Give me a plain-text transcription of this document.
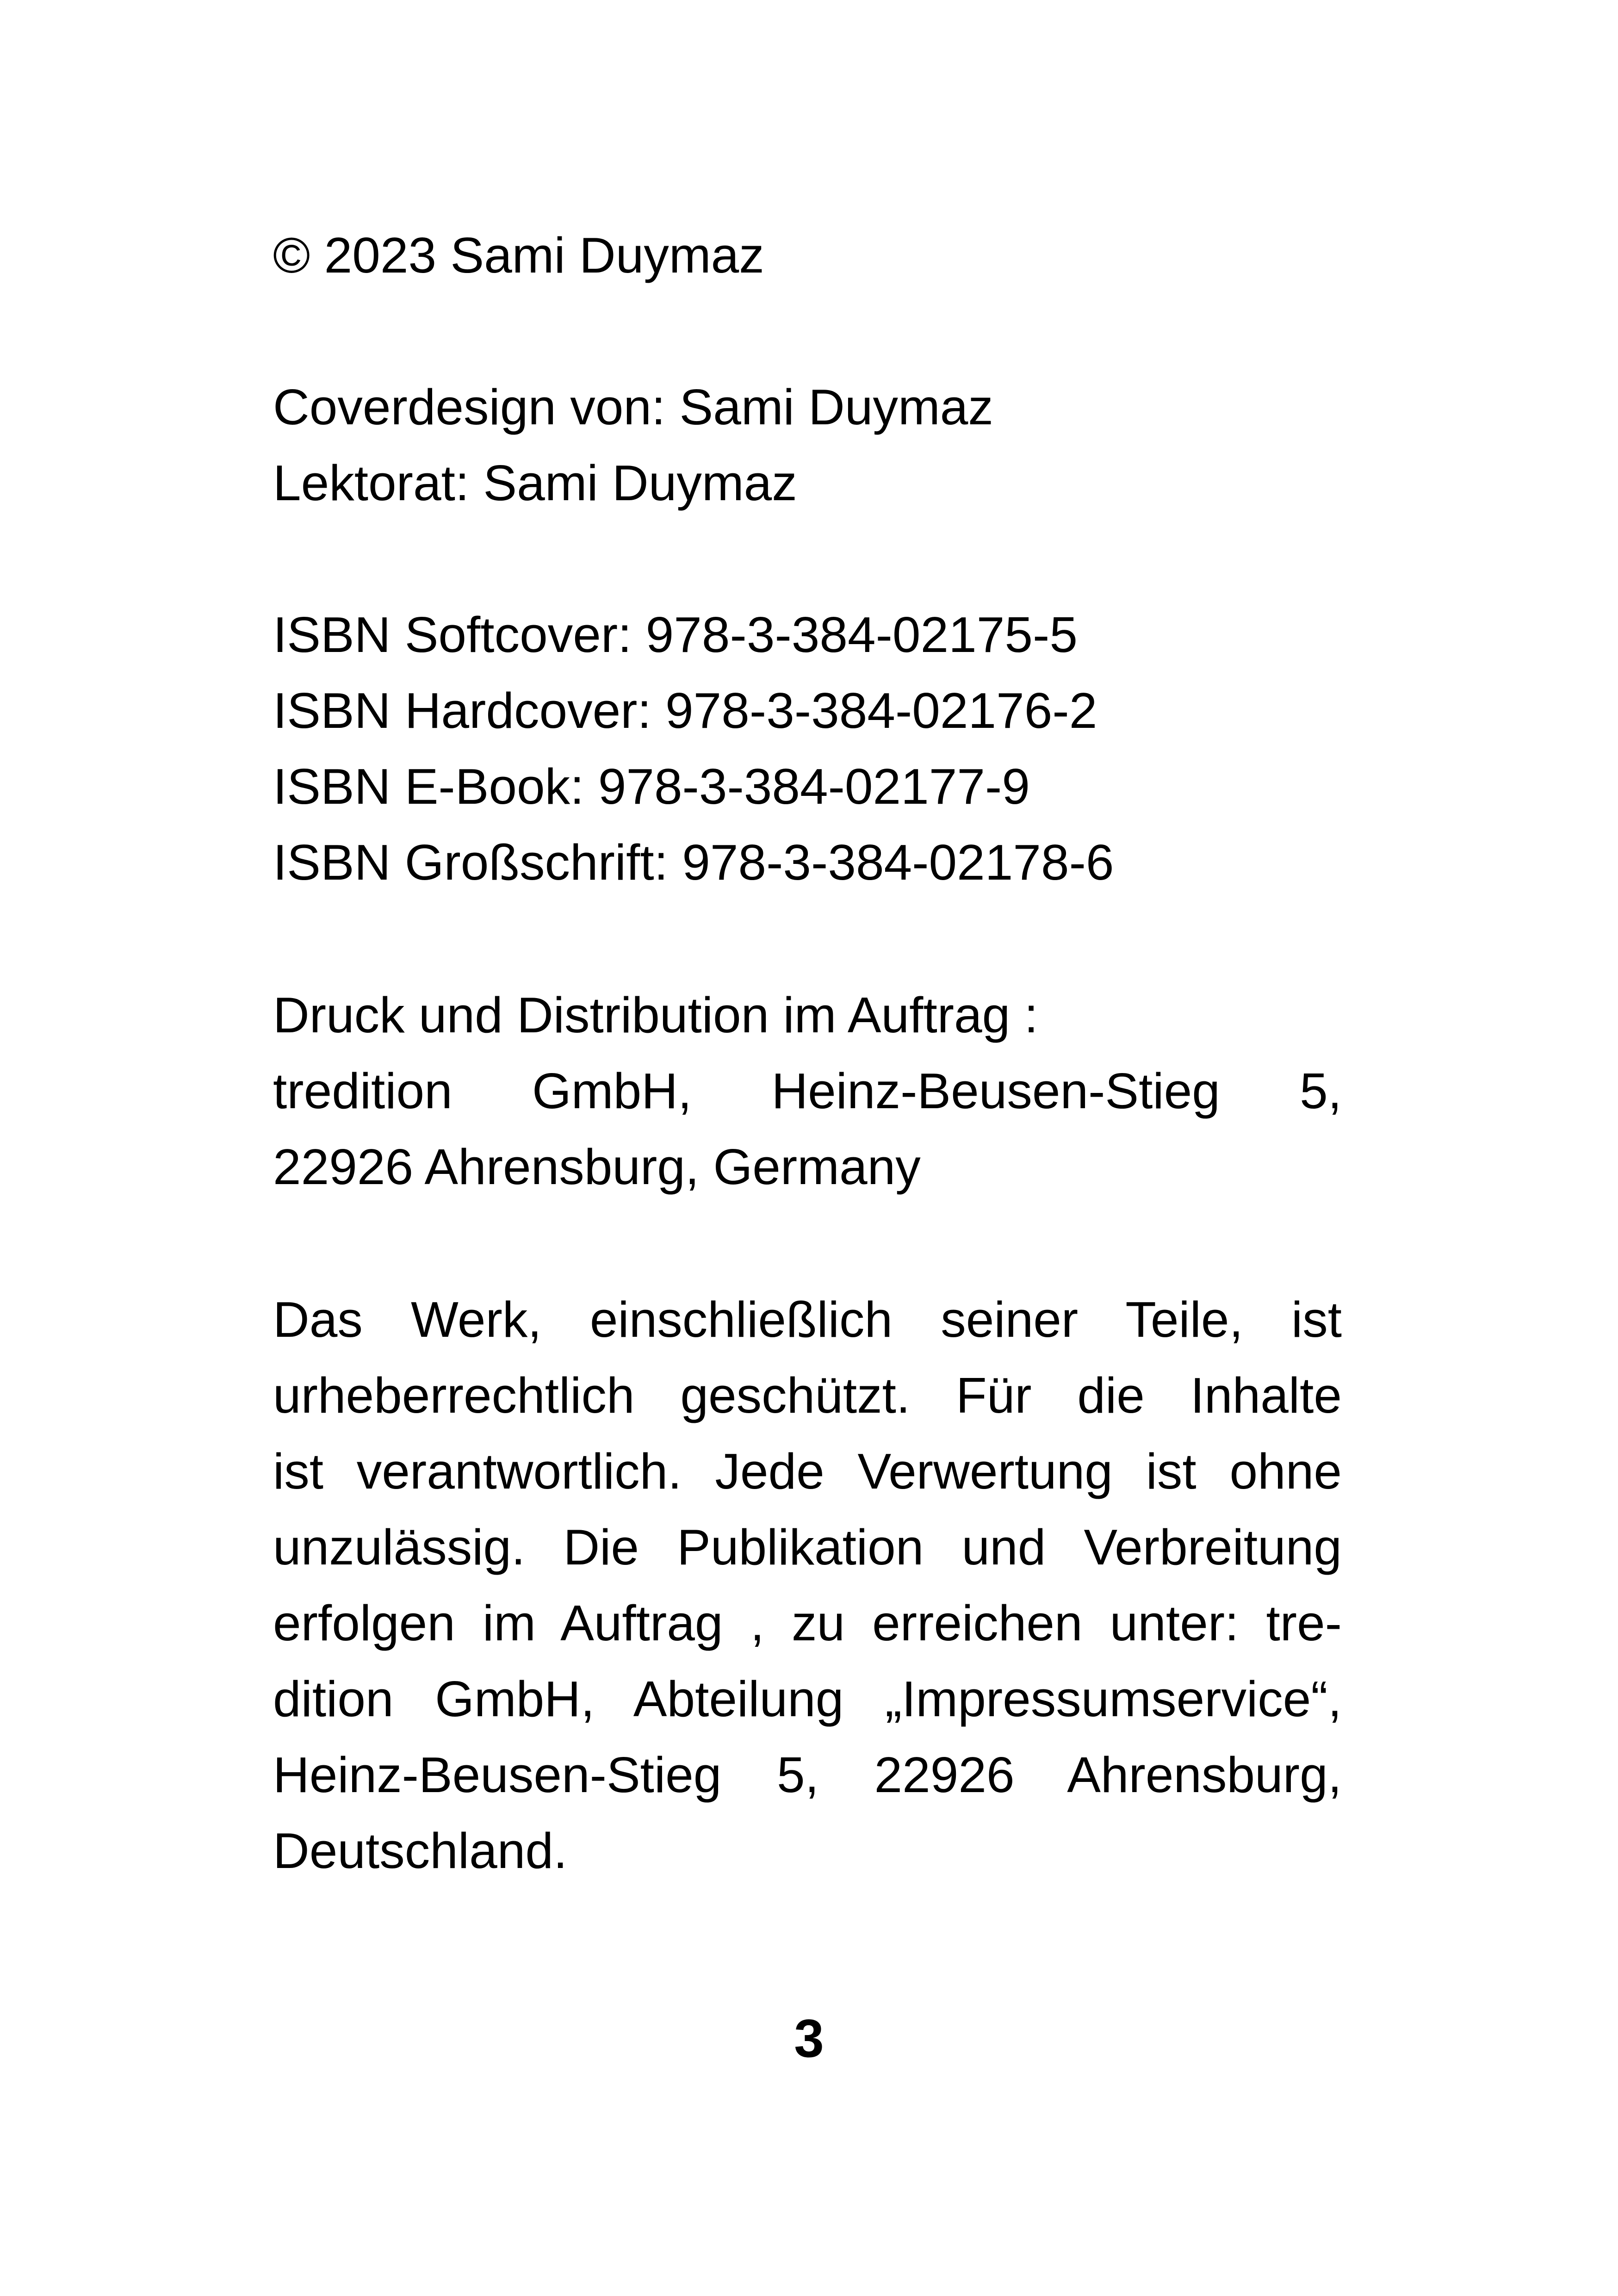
© 2023 Sami Duymaz

Coverdesign von: Sami Duymaz
Lektorat: Sami Duymaz

ISBN Softcover: 978-3-384-02175-5
ISBN Hardcover: 978-3-384-02176-2
ISBN E-Book: 978-3-384-02177-9
ISBN Großschrift: 978-3-384-02178-6

Druck und Distribution im Auftrag :
tredition GmbH, Heinz-Beusen-Stieg 5,
22926 Ahrensburg, Germany

Das Werk, einschließlich seiner Teile, ist
urheberrechtlich geschützt. Für die Inhalte
ist verantwortlich. Jede Verwertung ist ohne
unzulässig. Die Publikation und Verbreitung
erfolgen im Auftrag , zu erreichen unter: tre-
dition GmbH, Abteilung „Impressumservice“,
Heinz-Beusen-Stieg 5, 22926 Ahrensburg,
Deutschland.

3
